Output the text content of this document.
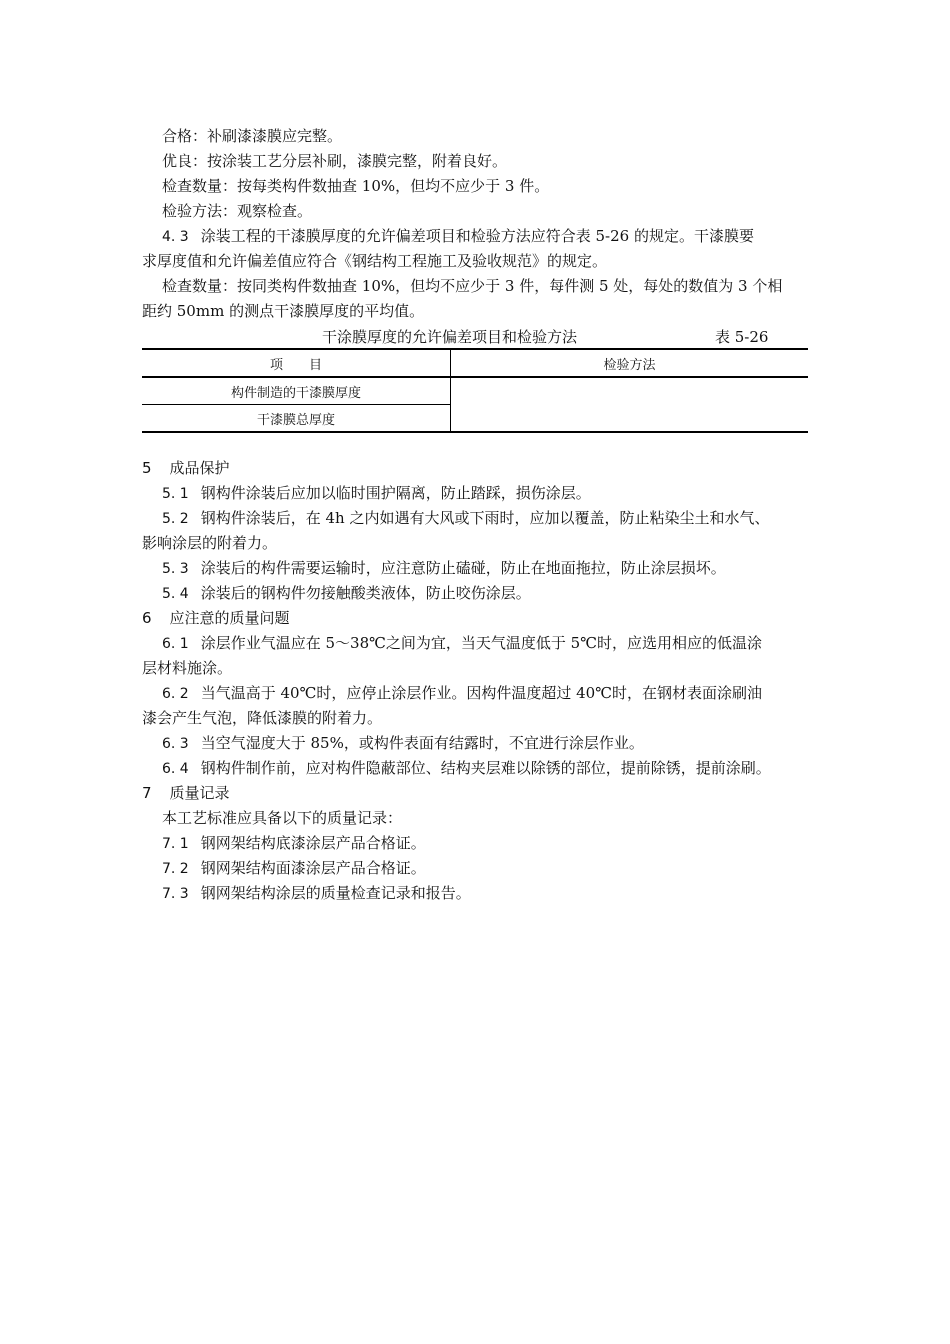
合格：补刷漆漆膜应完整。
优良：按涂装工艺分层补刷，漆膜完整，附着良好。
检查数量：按每类构件数抽查 10%，但均不应少于 3 件。
检验方法：观察检查。
4. 3 涂装工程的干漆膜厚度的允许偏差项目和检验方法应符合表 5-26 的规定。干漆膜要
求厚度值和允许偏差值应符合《钢结构工程施工及验收规范》的规定。
检查数量：按同类构件数抽查 10%，但均不应少于 3 件，每件测 5 处，每处的数值为 3 个相
距约 50mm 的测点干漆膜厚度的平均值。
干涂膜厚度的允许偏差项目和检验方法	表 5-26
项　　目	检验方法
构件制造的干漆膜厚度	
干漆膜总厚度	
5 成品保护
5. 1 钢构件涂装后应加以临时围护隔离，防止踏踩，损伤涂层。
5. 2 钢构件涂装后，在 4h 之内如遇有大风或下雨时，应加以覆盖，防止粘染尘土和水气、
影响涂层的附着力。
5. 3 涂装后的构件需要运输时，应注意防止磕碰，防止在地面拖拉，防止涂层损坏。
5. 4 涂装后的钢构件勿接触酸类液体，防止咬伤涂层。
6 应注意的质量问题
6. 1 涂层作业气温应在 5～38℃之间为宜，当天气温度低于 5℃时，应选用相应的低温涂
层材料施涂。
6. 2 当气温高于 40℃时，应停止涂层作业。因构件温度超过 40℃时，在钢材表面涂刷油
漆会产生气泡，降低漆膜的附着力。
6. 3 当空气湿度大于 85%，或构件表面有结露时，不宜进行涂层作业。
6. 4 钢构件制作前，应对构件隐蔽部位、结构夹层难以除锈的部位，提前除锈，提前涂刷。
7 质量记录
本工艺标准应具备以下的质量记录：
7. 1 钢网架结构底漆涂层产品合格证。
7. 2 钢网架结构面漆涂层产品合格证。
7. 3 钢网架结构涂层的质量检查记录和报告。
